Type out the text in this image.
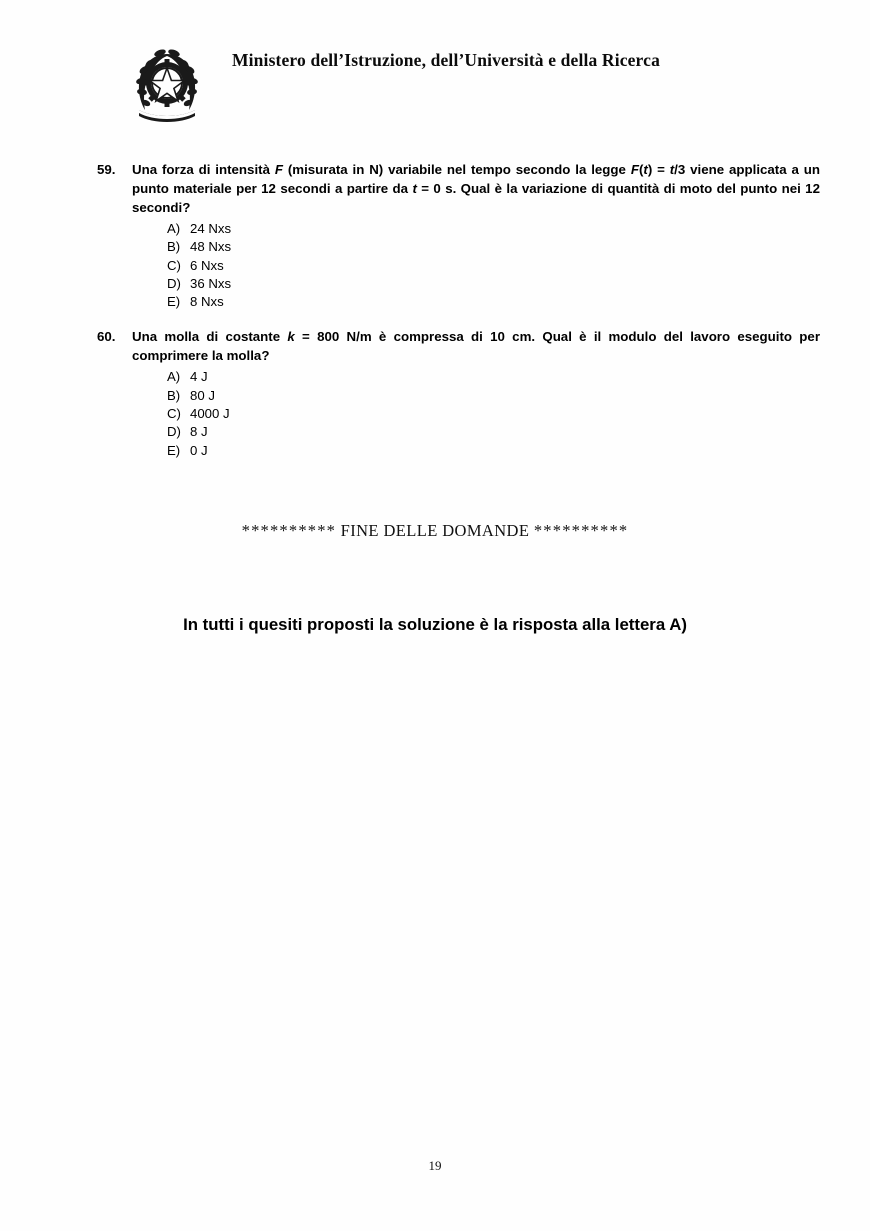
Ministero dell’Istruzione, dell’Università e della Ricerca
59.	Una forza di intensità F (misurata in N) variabile nel tempo secondo la legge F(t) = t/3 viene applicata a un punto materiale per 12 secondi a partire da t = 0 s. Qual è la variazione di quantità di moto del punto nei 12 secondi?
A) 24 Nxs
B) 48 Nxs
C) 6 Nxs
D) 36 Nxs
E) 8 Nxs
60.	Una molla di costante k = 800 N/m è compressa di 10 cm. Qual è il modulo del lavoro eseguito per comprimere la molla?
A) 4 J
B) 80 J
C) 4000 J
D) 8 J
E) 0 J
********** FINE DELLE DOMANDE **********
In tutti i quesiti proposti la soluzione è la risposta alla lettera A)
19
